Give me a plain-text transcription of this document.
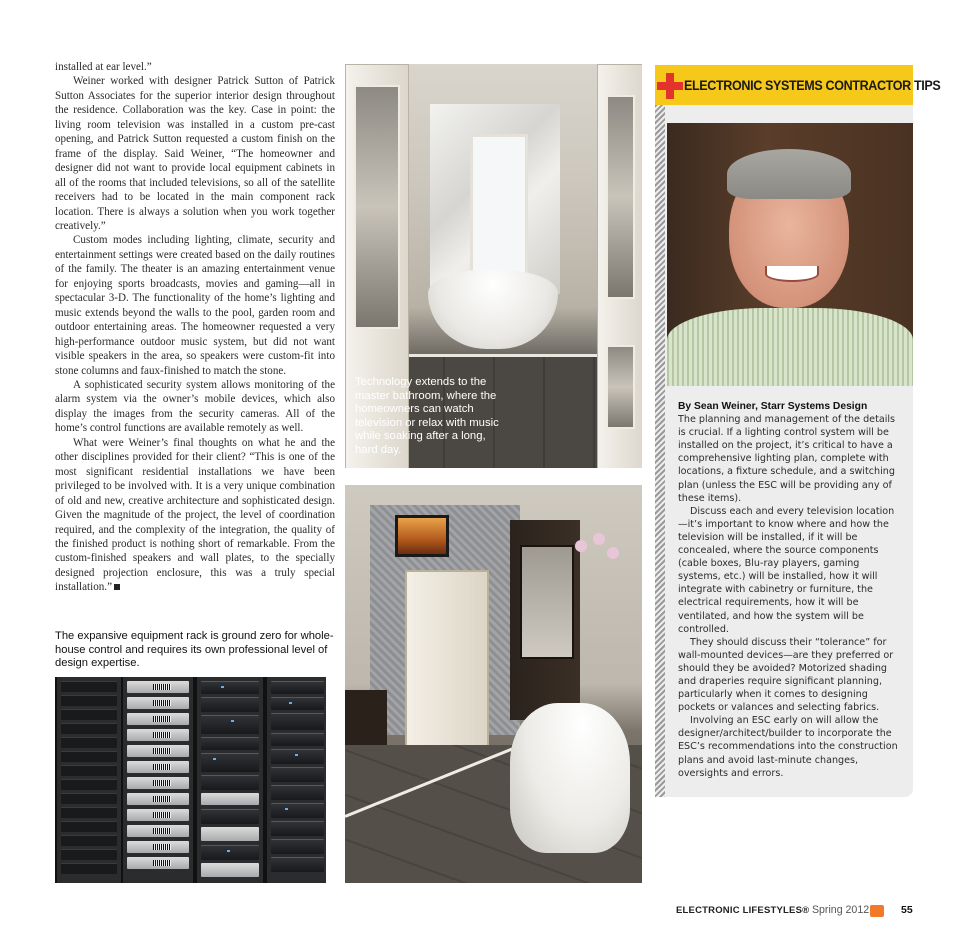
installed at ear level.”

Weiner worked with designer Patrick Sutton of Patrick Sutton Associates for the superior interior design throughout the residence. Collaboration was the key. Case in point: the living room television was installed in a custom pre-cast opening, and Patrick Sutton requested a custom finish on the frame of the display. Said Weiner, “The homeowner and designer did not want to provide local equipment cabinets in all of the rooms that included televisions, so all of the satellite receivers had to be located in the main component rack location. There is always a solution when you work together creatively.”

Custom modes including lighting, climate, security and entertainment settings were created based on the daily routines of the family. The theater is an amazing entertainment venue for enjoying sports broadcasts, movies and gaming—all in spectacular 3-D. The functionality of the home’s lighting and music extends beyond the walls to the pool, garden room and outdoor entertaining areas. The homeowner requested a very high-performance outdoor music system, but did not want visible speakers in the area, so speakers were custom-fit into stone columns and faux-finished to match the stone.

A sophisticated security system allows monitoring of the alarm system via the owner’s mobile devices, which also display the images from the security cameras. All of the home’s control functions are available remotely as well.

What were Weiner’s final thoughts on what he and the other disciplines provided for their client? “This is one of the most significant residential installations we have been privileged to be involved with. It is a very unique combination of old and new, creative architecture and sophisticated design. Given the magnitude of the project, the level of coordination required, and the complexity of the integration, the quality of the finished product is nothing short of remarkable. From the custom-finished speakers and wall plates, to the specially designed projection enclosure, this was a truly special installation.”

The expansive equipment rack is ground zero for whole-house control and requires its own professional level of design expertise.
Technology extends to the master bathroom, where the homeowners can watch television or relax with music while soaking after a long, hard day.
ELECTRONIC SYSTEMS CONTRACTOR TIPS
By Sean Weiner, Starr Systems Design

The planning and management of the details is crucial. If a lighting control system will be installed on the project, it’s critical to have a comprehensive lighting plan, complete with locations, a fixture schedule, and a switching plan (unless the ESC will be providing any of these items).

Discuss each and every television location—it’s important to know where and how the television will be installed, if it will be concealed, where the source components (cable boxes, Blu-ray players, gaming systems, etc.) will be installed, how it will integrate with cabinetry or furniture, the electrical requirements, how it will be ventilated, and how the system will be controlled.

They should discuss their “tolerance” for wall-mounted devices—are they preferred or should they be avoided? Motorized shading and draperies require significant planning, particularly when it comes to designing pockets or valances and selecting fabrics.

Involving an ESC early on will allow the designer/architect/builder to incorporate the ESC’s recommendations into the construction plans and avoid last-minute changes, oversights and errors.

ELECTRONIC LIFESTYLES® Spring 2012	55
